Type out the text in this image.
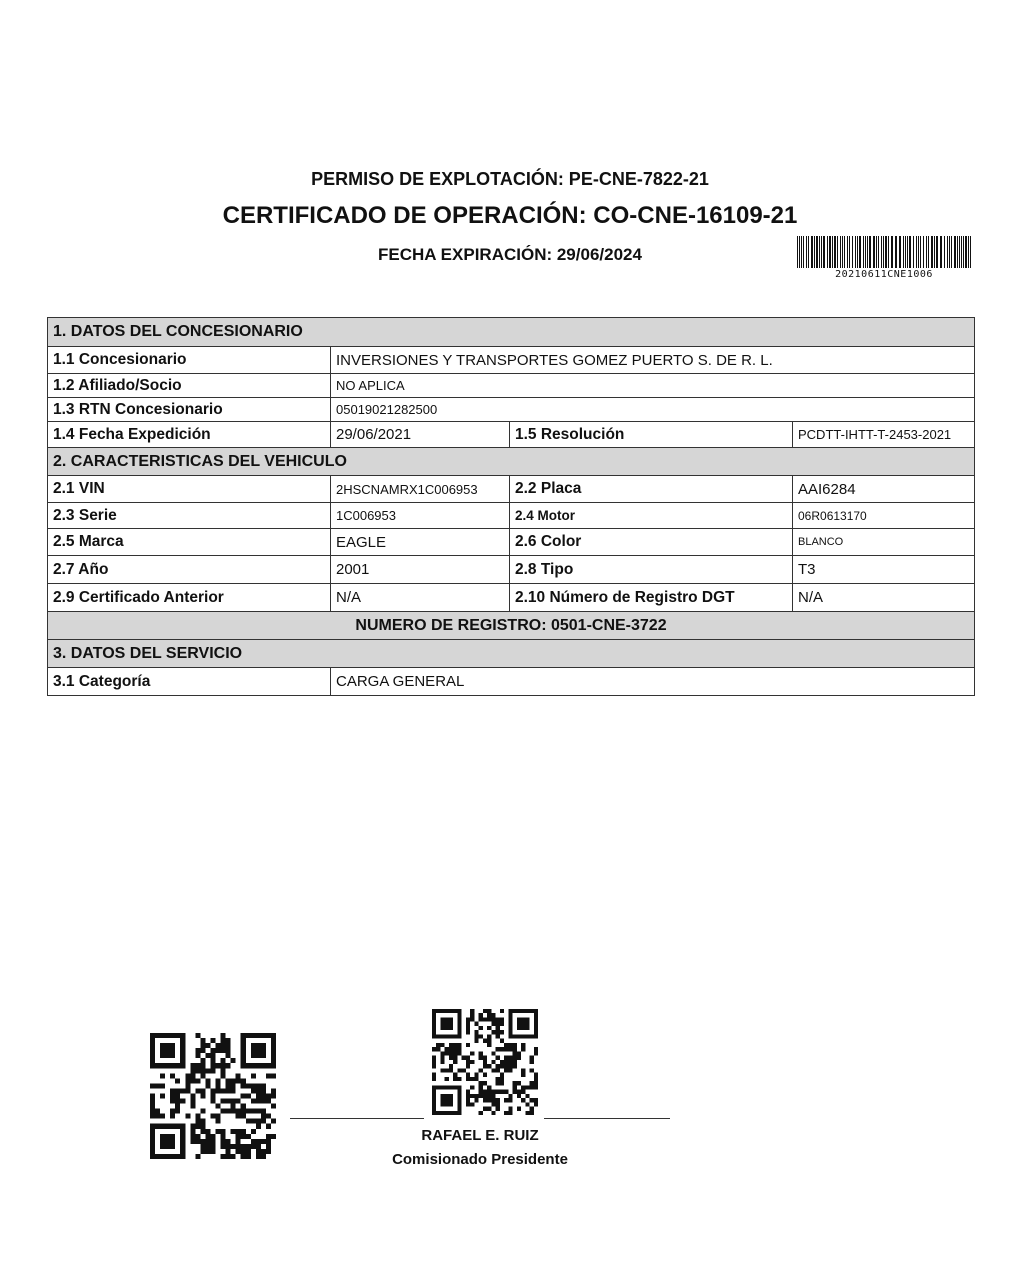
PERMISO DE EXPLOTACIÓN: PE-CNE-7822-21
CERTIFICADO DE OPERACIÓN: CO-CNE-16109-21
FECHA EXPIRACIÓN: 29/06/2024
20210611CNE1006
1. DATOS DEL CONCESIONARIO			
1.1 Concesionario	INVERSIONES Y TRANSPORTES GOMEZ PUERTO S. DE R. L.		
1.2 Afiliado/Socio	NO APLICA		
1.3 RTN Concesionario	05019021282500		
1.4 Fecha Expedición	29/06/2021	1.5 Resolución	PCDTT-IHTT-T-2453-2021
2. CARACTERISTICAS DEL VEHICULO			
2.1 VIN	2HSCNAMRX1C006953	2.2 Placa	AAI6284
2.3 Serie	1C006953	2.4 Motor	06R0613170
2.5 Marca	EAGLE	2.6 Color	BLANCO
2.7 Año	2001	2.8 Tipo	T3
2.9 Certificado Anterior	N/A	2.10 Número de Registro DGT	N/A
NUMERO DE REGISTRO: 0501-CNE-3722			
3. DATOS DEL SERVICIO			
3.1 Categoría	CARGA GENERAL		
RAFAEL E. RUIZ
Comisionado Presidente
